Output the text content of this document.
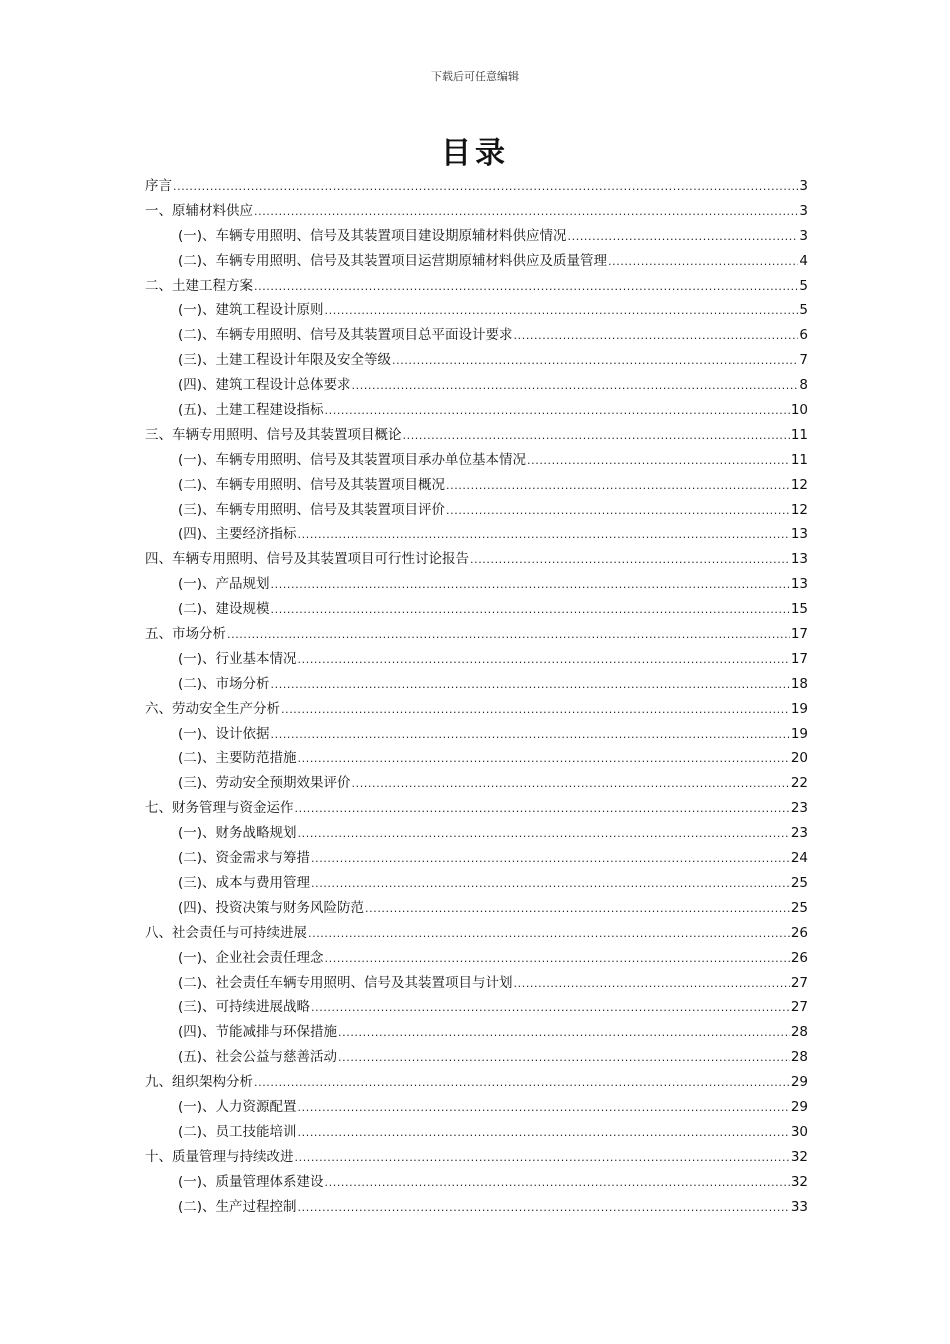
下载后可任意编辑
目录
序言 .....	3
一、原辅材料供应 .....	3
(一)、车辆专用照明、信号及其装置项目建设期原辅材料供应情况 .....	3
(二)、车辆专用照明、信号及其装置项目运营期原辅材料供应及质量管理 .....	4
二、土建工程方案 .....	5
(一)、建筑工程设计原则 .....	5
(二)、车辆专用照明、信号及其装置项目总平面设计要求 .....	6
(三)、土建工程设计年限及安全等级 .....	7
(四)、建筑工程设计总体要求 .....	8
(五)、土建工程建设指标 .....	10
三、车辆专用照明、信号及其装置项目概论 .....	11
(一)、车辆专用照明、信号及其装置项目承办单位基本情况 .....	11
(二)、车辆专用照明、信号及其装置项目概况 .....	12
(三)、车辆专用照明、信号及其装置项目评价 .....	12
(四)、主要经济指标 .....	13
四、车辆专用照明、信号及其装置项目可行性讨论报告 .....	13
(一)、产品规划 .....	13
(二)、建设规模 .....	15
五、市场分析 .....	17
(一)、行业基本情况 .....	17
(二)、市场分析 .....	18
六、劳动安全生产分析 .....	19
(一)、设计依据 .....	19
(二)、主要防范措施 .....	20
(三)、劳动安全预期效果评价 .....	22
七、财务管理与资金运作 .....	23
(一)、财务战略规划 .....	23
(二)、资金需求与筹措 .....	24
(三)、成本与费用管理 .....	25
(四)、投资决策与财务风险防范 .....	25
八、社会责任与可持续进展 .....	26
(一)、企业社会责任理念 .....	26
(二)、社会责任车辆专用照明、信号及其装置项目与计划 .....	27
(三)、可持续进展战略 .....	27
(四)、节能减排与环保措施 .....	28
(五)、社会公益与慈善活动 .....	28
九、组织架构分析 .....	29
(一)、人力资源配置 .....	29
(二)、员工技能培训 .....	30
十、质量管理与持续改进 .....	32
(一)、质量管理体系建设 .....	32
(二)、生产过程控制 .....	33
